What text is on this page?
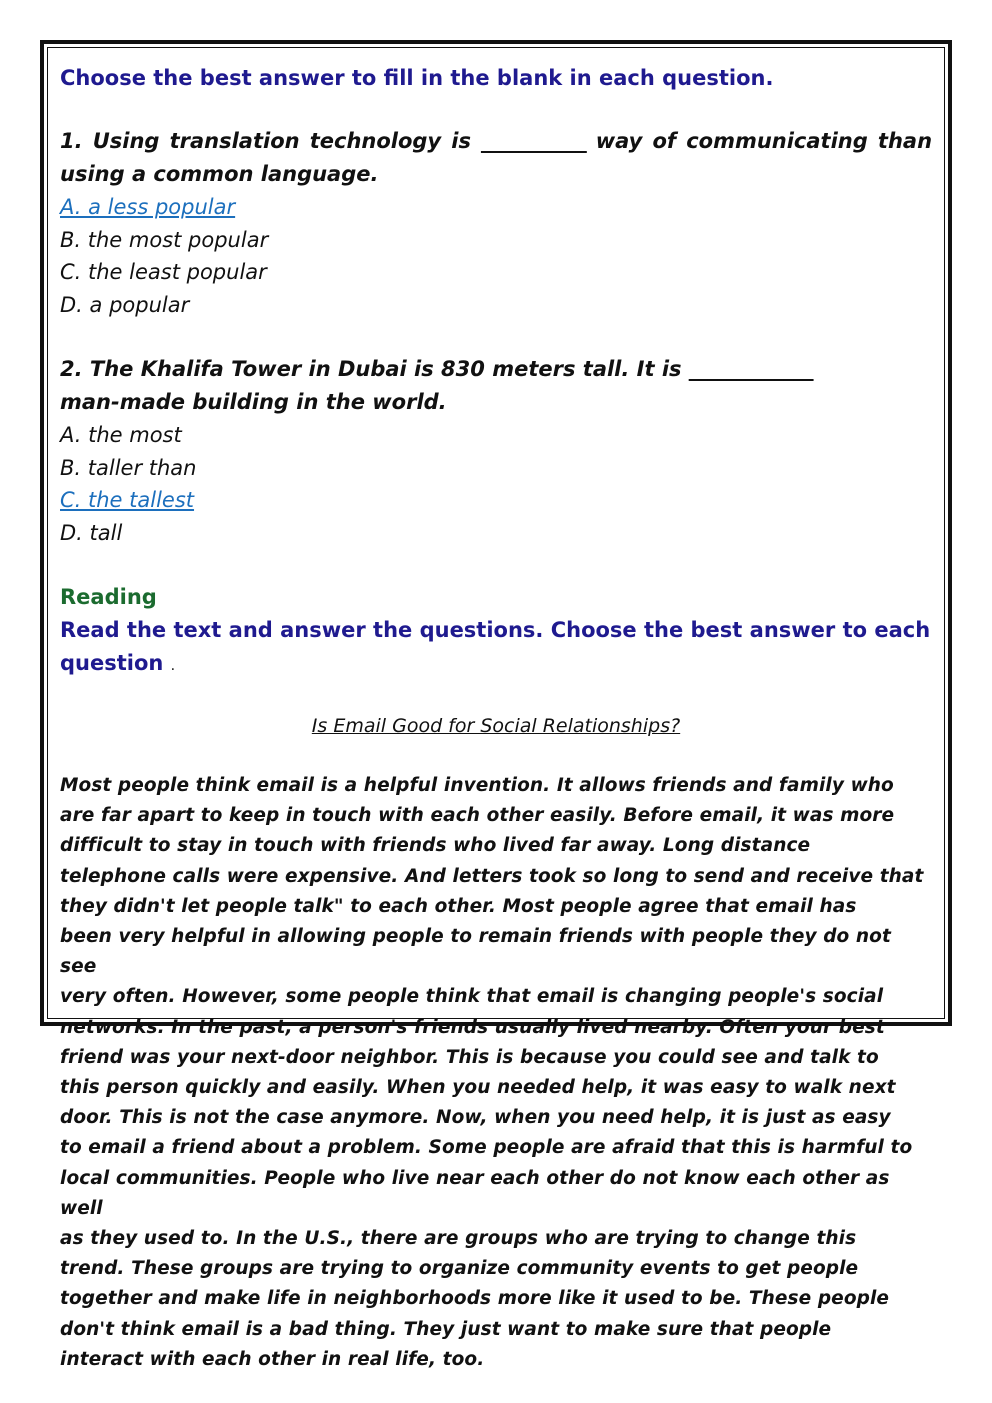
Choose the best answer to fill in the blank in each question.

1. Using translation technology is ___________ way of communicating than using a common language.

A. a less popular

B. the most popular

C. the least popular

D. a popular

2. The Khalifa Tower in Dubai is 830 meters tall. It is _____________
man-made building in the world.

A. the most

B. taller than

C. the tallest

D. tall

Reading

Read the text and answer the questions. Choose the best answer to each question .

Is Email Good for Social Relationships?

Most people think email is a helpful invention. It allows friends and family who
are far apart to keep in touch with each other easily. Before email, it was more
difficult to stay in touch with friends who lived far away. Long distance
telephone calls were expensive. And letters took so long to send and receive that
they didn't let people talk" to each other. Most people agree that email has
been very helpful in allowing people to remain friends with people they do not see
very often. However, some people think that email is changing people's social
networks. In the past, a person's friends usually lived nearby. Often your best
friend was your next-door neighbor. This is because you could see and talk to
this person quickly and easily. When you needed help, it was easy to walk next
door. This is not the case anymore. Now, when you need help, it is just as easy
to email a friend about a problem. Some people are afraid that this is harmful to
local communities. People who live near each other do not know each other as well
as they used to. In the U.S., there are groups who are trying to change this
trend. These groups are trying to organize community events to get people
together and make life in neighborhoods more like it used to be. These people
don't think email is a bad thing. They just want to make sure that people
interact with each other in real life, too.
